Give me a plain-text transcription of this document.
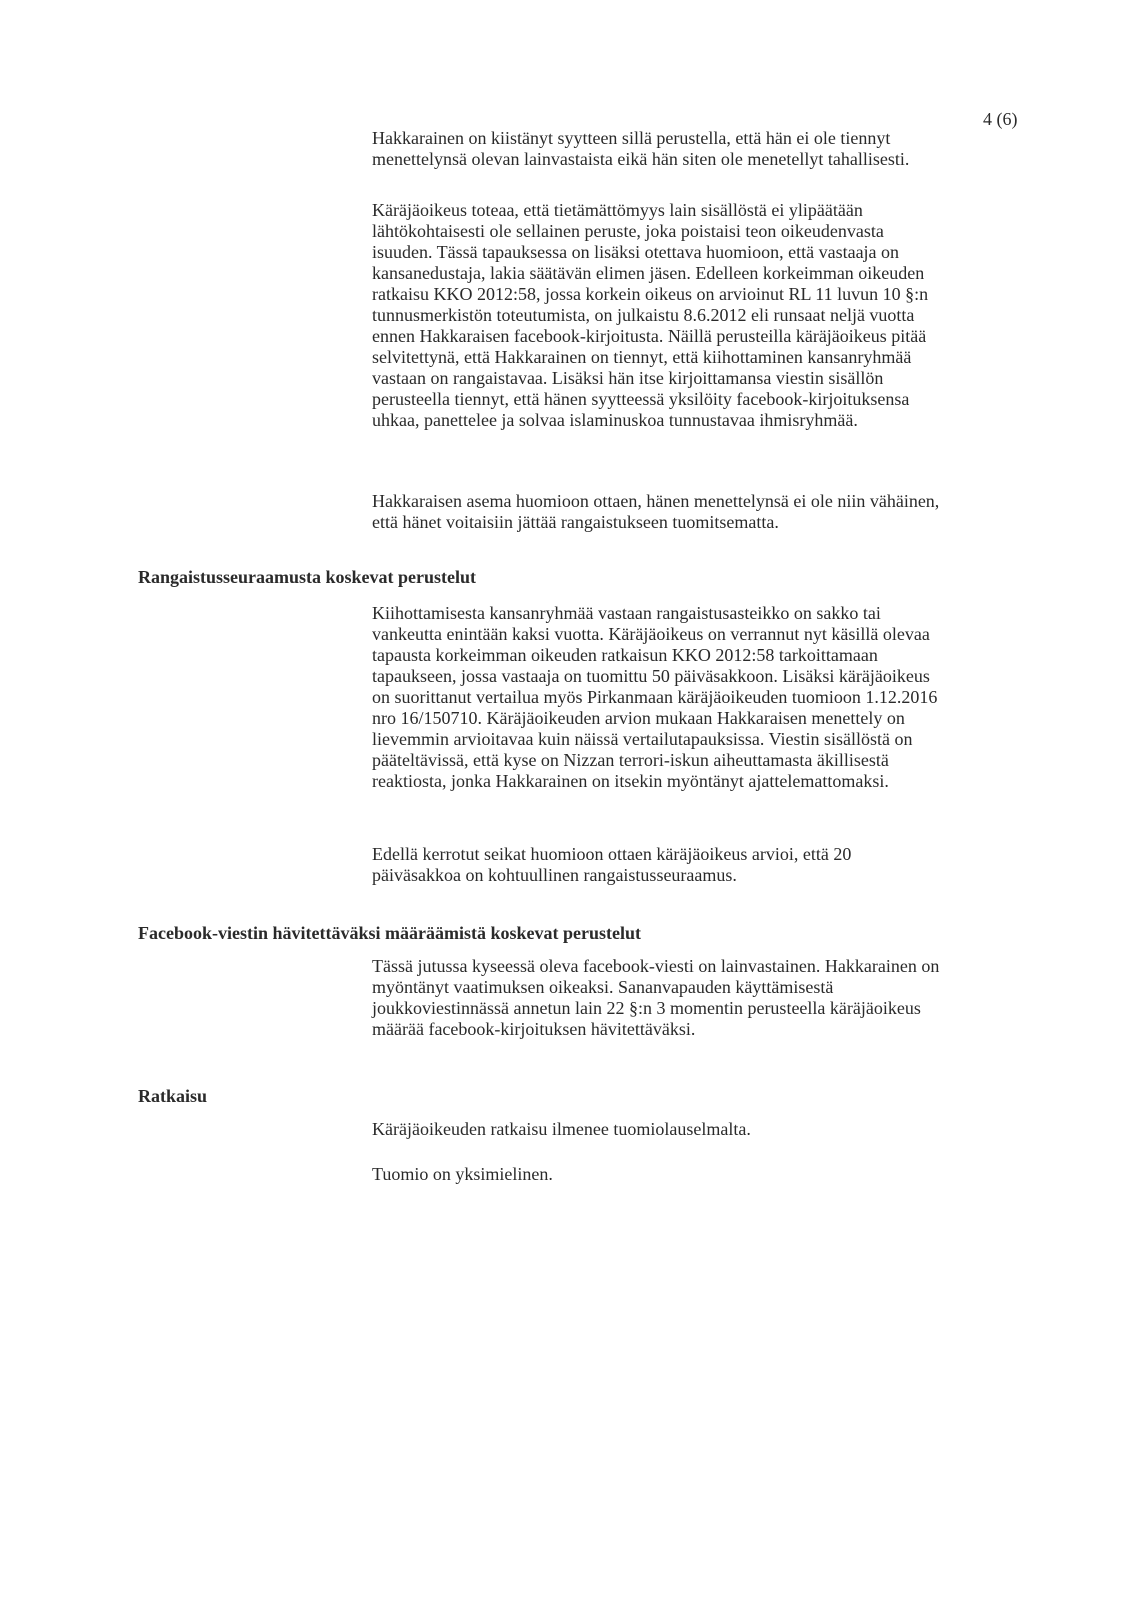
4 (6)
Hakkarainen on kiistänyt syytteen sillä perustella, että hän ei ole tiennyt
menettelynsä olevan lainvastaista eikä hän siten ole menetellyt tahallisesti.
Käräjäoikeus toteaa, että tietämättömyys lain sisällöstä ei ylipäätään
lähtökohtaisesti ole sellainen peruste, joka poistaisi teon oikeudenvasta
isuuden. Tässä tapauksessa on lisäksi otettava huomioon, että vastaaja on
kansanedustaja, lakia säätävän elimen jäsen. Edelleen korkeimman oikeuden
ratkaisu KKO 2012:58, jossa korkein oikeus on arvioinut RL 11 luvun 10 §:n
tunnusmerkistön toteutumista, on julkaistu 8.6.2012 eli runsaat neljä vuotta
ennen Hakkaraisen facebook-kirjoitusta. Näillä perusteilla käräjäoikeus pitää
selvitettynä, että Hakkarainen on tiennyt, että kiihottaminen kansanryhmää
vastaan on rangaistavaa. Lisäksi hän itse kirjoittamansa viestin sisällön
perusteella tiennyt, että hänen syytteessä yksilöity facebook-kirjoituksensa
uhkaa, panettelee ja solvaa islaminuskoa tunnustavaa ihmisryhmää.
Hakkaraisen asema huomioon ottaen, hänen menettelynsä ei ole niin vähäinen,
että hänet voitaisiin jättää rangaistukseen tuomitsematta.
Rangaistusseuraamusta koskevat perustelut
Kiihottamisesta kansanryhmää vastaan rangaistusasteikko on sakko tai
vankeutta enintään kaksi vuotta. Käräjäoikeus on verrannut nyt käsillä olevaa
tapausta korkeimman oikeuden ratkaisun KKO 2012:58 tarkoittamaan
tapaukseen, jossa vastaaja on tuomittu 50 päiväsakkoon. Lisäksi käräjäoikeus
on suorittanut vertailua myös Pirkanmaan käräjäoikeuden tuomioon 1.12.2016
nro 16/150710. Käräjäoikeuden arvion mukaan Hakkaraisen menettely on
lievemmin arvioitavaa kuin näissä vertailutapauksissa. Viestin sisällöstä on
pääteltävissä, että kyse on Nizzan terrori-iskun aiheuttamasta äkillisestä
reaktiosta, jonka Hakkarainen on itsekin myöntänyt ajattelemattomaksi.
Edellä kerrotut seikat huomioon ottaen käräjäoikeus arvioi, että 20
päiväsakkoa on kohtuullinen rangaistusseuraamus.
Facebook-viestin hävitettäväksi määräämistä koskevat perustelut
Tässä jutussa kyseessä oleva facebook-viesti on lainvastainen. Hakkarainen on
myöntänyt vaatimuksen oikeaksi. Sananvapauden käyttämisestä
joukkoviestinnässä annetun lain 22 §:n 3 momentin perusteella käräjäoikeus
määrää facebook-kirjoituksen hävitettäväksi.
Ratkaisu
Käräjäoikeuden ratkaisu ilmenee tuomiolauselmalta.
Tuomio on yksimielinen.
